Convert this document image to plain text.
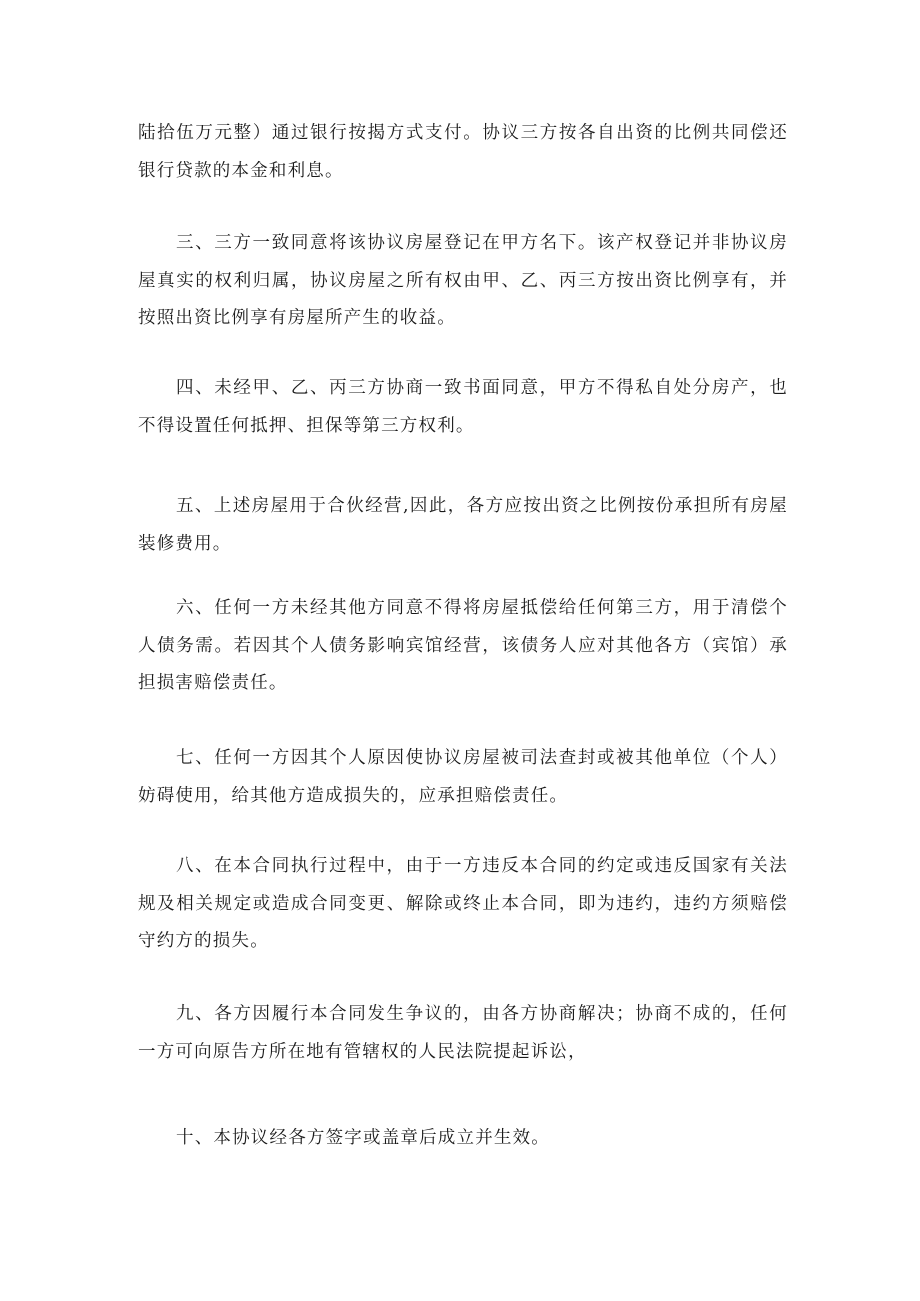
陆拾伍万元整）通过银行按揭方式支付。协议三方按各自出资的比例共同偿还银行贷款的本金和利息。

三、三方一致同意将该协议房屋登记在甲方名下。该产权登记并非协议房屋真实的权利归属，协议房屋之所有权由甲、乙、丙三方按出资比例享有，并按照出资比例享有房屋所产生的收益。

四、未经甲、乙、丙三方协商一致书面同意，甲方不得私自处分房产，也不得设置任何抵押、担保等第三方权利。

五、上述房屋用于合伙经营,因此，各方应按出资之比例按份承担所有房屋装修费用。

六、任何一方未经其他方同意不得将房屋抵偿给任何第三方，用于清偿个人债务需。若因其个人债务影响宾馆经营，该债务人应对其他各方（宾馆）承担损害赔偿责任。

七、任何一方因其个人原因使协议房屋被司法查封或被其他单位（个人）妨碍使用，给其他方造成损失的，应承担赔偿责任。

八、在本合同执行过程中，由于一方违反本合同的约定或违反国家有关法规及相关规定或造成合同变更、解除或终止本合同，即为违约，违约方须赔偿守约方的损失。

九、各方因履行本合同发生争议的，由各方协商解决；协商不成的，任何一方可向原告方所在地有管辖权的人民法院提起诉讼，

十、本协议经各方签字或盖章后成立并生效。
